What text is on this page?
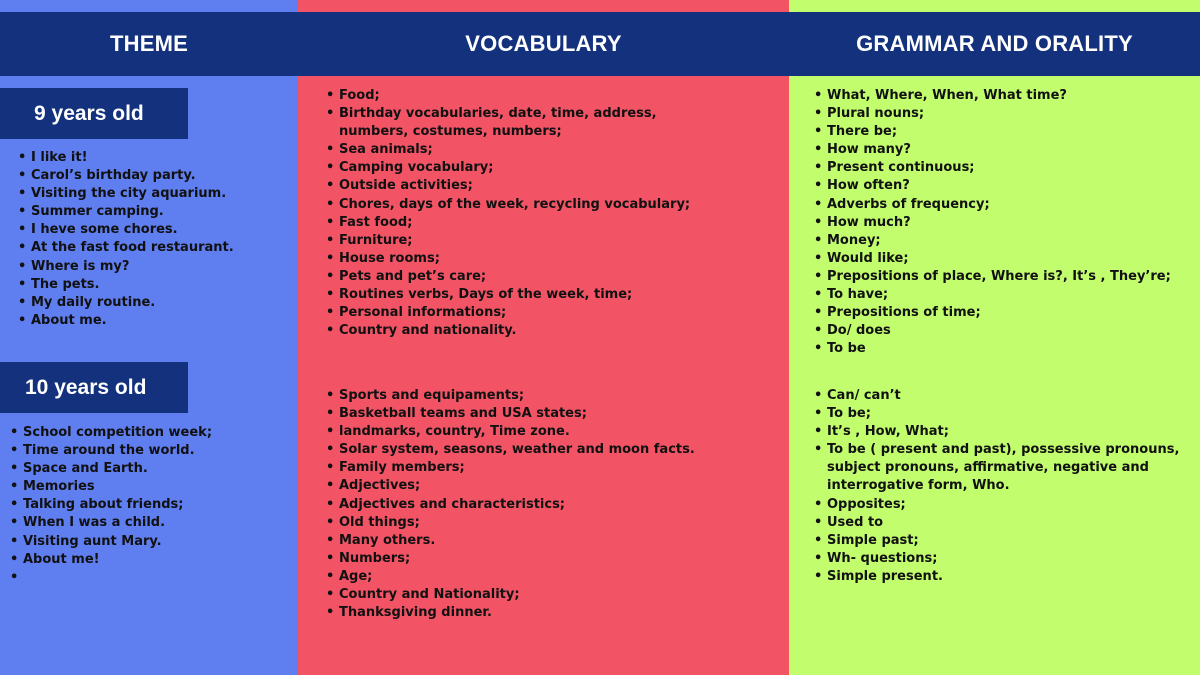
THEME	VOCABULARY	GRAMMAR AND ORALITY
9 years old
10 years old
• I like it!
• Carol’s birthday party.
• Visiting the city aquarium.
• Summer camping.
• I heve some chores.
• At the fast food restaurant.
• Where is my?
• The pets.
• My daily routine.
• About me.
• School competition week;
• Time around the world.
• Space and Earth.
• Memories
• Talking about friends;
• When I was a child.
• Visiting aunt Mary.
• About me!
• Food;
• Birthday vocabularies, date, time, address, numbers, costumes, numbers;
• Sea animals;
• Camping vocabulary;
• Outside activities;
• Chores, days of the week, recycling vocabulary;
• Fast food;
• Furniture;
• House rooms;
• Pets and pet’s care;
• Routines verbs, Days of the week, time;
• Personal informations;
• Country and nationality.
• Sports and equipaments;
• Basketball teams and USA states;
• landmarks, country, Time zone.
• Solar system, seasons, weather and moon facts.
• Family members;
• Adjectives;
• Adjectives and characteristics;
• Old things;
• Many others.
• Numbers;
• Age;
• Country and Nationality;
• Thanksgiving dinner.
• What, Where, When, What time?
• Plural nouns;
• There be;
• How many?
• Present continuous;
• How often?
• Adverbs of frequency;
• How much?
• Money;
• Would like;
• Prepositions of place, Where is?, It’s , They’re;
• To have;
• Prepositions of time;
• Do/ does
• To be
• Can/ can’t
• To be;
• It’s , How, What;
• To be ( present and past), possessive pronouns, subject pronouns, affirmative, negative and interrogative form, Who.
• Opposites;
• Used to
• Simple past;
• Wh- questions;
• Simple present.
